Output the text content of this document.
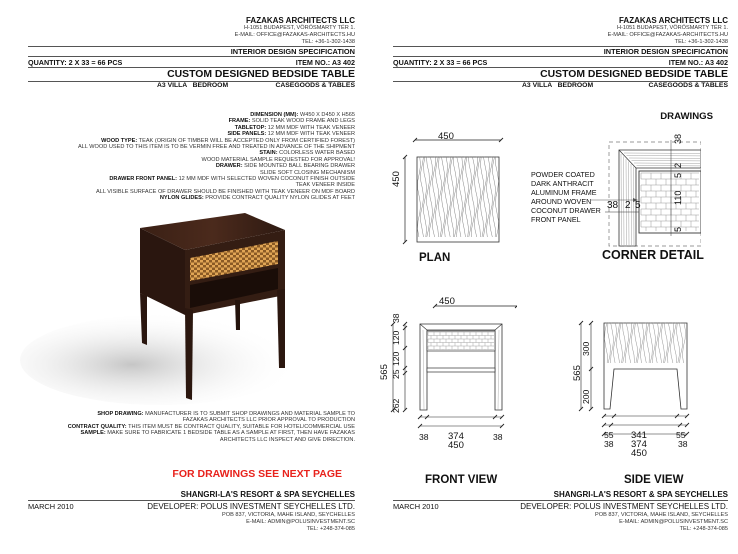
FAZAKAS ARCHITECTS LLC
H-1051 BUDAPEST, VÖRÖSMARTY TÉR 1.
E-MAIL: OFFICE@FAZAKAS-ARCHITECTS.HU
TEL: +36-1-302-1438
INTERIOR DESIGN SPECIFICATION
QUANTITY: 2 X 33 = 66 PCS	ITEM NO.: A3 402
CUSTOM DESIGNED BEDSIDE TABLE
A3 VILLA   BEDROOM	CASEGOODS & TABLES
DIMENSION (MM): W450 X D450 X H565
FRAME: SOLID TEAK WOOD FRAME AND LEGS
TABLETOP: 12 MM MDF WITH TEAK VENEER
SIDE PANELS: 12 MM MDF WITH TEAK VENEER
WOOD TYPE: TEAK (ORIGIN OF TIMBER WILL BE ACCEPTED ONLY FROM CERTIFIED FOREST)
ALL WOOD USED TO THIS ITEM IS TO BE VERMIN FREE AND TREATED IN ADVANCE OF THE SHIPMENT
STAIN: COLORLESS WATER BASED
WOOD MATERIAL SAMPLE REQUESTED FOR APPROVAL!
DRAWER: SIDE MOUNTED BALL BEARING DRAWER
SLIDE SOFT CLOSING MECHANISM
DRAWER FRONT PANEL: 12 MM MDF WITH SELECTED WOVEN COCONUT FINISH OUTSIDE
TEAK VENEER INSIDE
ALL VISIBLE SURFACE OF DRAWER SHOULD BE FINISHED WITH TEAK VENEER ON MDF BOARD
NYLON GLIDES: PROVIDE CONTRACT QUALITY NYLON GLIDES AT FEET
SHOP DRAWING: MANUFACTURER IS TO SUBMIT SHOP DRAWINGS AND MATERIAL SAMPLE TO
FAZAKAS ARCHITECTS LLC PRIOR APPROVAL TO PRODUCTION
CONTRACT QUALITY: THIS ITEM MUST BE CONTRACT QUALITY, SUITABLE FOR HOTEL/COMMERCIAL USE
SAMPLE: MAKE SURE TO FABRICATE 1 BEDSIDE TABLE AS A SAMPLE AT FIRST, THEN HAVE FAZAKAS
ARCHITECTS LLC INSPECT AND GIVE DIRECTION.
FOR DRAWINGS SEE NEXT PAGE
SHANGRI-LA'S RESORT & SPA SEYCHELLES
MARCH 2010	DEVELOPER: POLUS INVESTMENT SEYCHELLES LTD.
POB 837, VICTORIA, MAHE ISLAND, SEYCHELLES
E-MAIL: ADMIN@POLUSINVESTMENT.SC
TEL: +248-374-085
FAZAKAS ARCHITECTS LLC
H-1051 BUDAPEST, VÖRÖSMARTY TÉR 1.
E-MAIL: OFFICE@FAZAKAS-ARCHITECTS.HU
TEL: +36-1-302-1438
INTERIOR DESIGN SPECIFICATION
QUANTITY: 2 X 33 = 66 PCS	ITEM NO.: A3 402
CUSTOM DESIGNED BEDSIDE TABLE
A3 VILLA   BEDROOM	CASEGOODS & TABLES
DRAWINGS
450
450
PLAN
POWDER COATED
DARK ANTHRACIT
ALUMINUM FRAME
AROUND WOVEN
COCONUT DRAWER
FRONT PANEL
38
2
5
110
5
38 2 5
CORNER DETAIL
450
565
38
120
120
25
262
38 374	38
450
FRONT VIEW
565
300
200
55 341	55
38 374	38
450
SIDE VIEW
SHANGRI-LA'S RESORT & SPA SEYCHELLES
MARCH 2010	DEVELOPER: POLUS INVESTMENT SEYCHELLES LTD.
POB 837, VICTORIA, MAHE ISLAND, SEYCHELLES
E-MAIL: ADMIN@POLUSINVESTMENT.SC
TEL: +248-374-085
